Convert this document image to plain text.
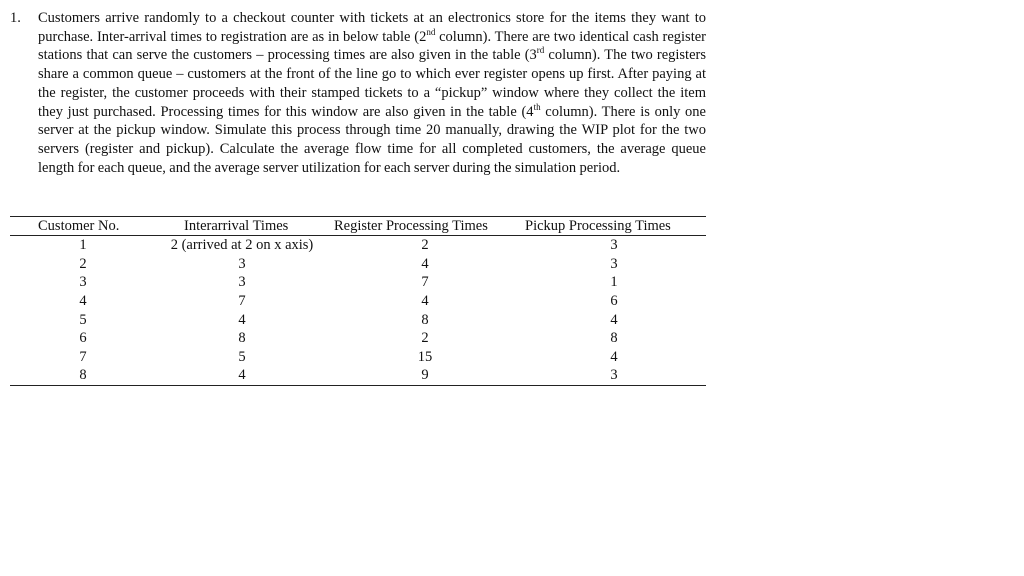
1. Customers arrive randomly to a checkout counter with tickets at an electronics store for the items they want to purchase. Inter-arrival times to registration are as in below table (2nd column). There are two identical cash register stations that can serve the customers – processing times are also given in the table (3rd column). The two registers share a common queue – customers at the front of the line go to which ever register opens up first. After paying at the register, the customer proceeds with their stamped tickets to a “pickup” window where they collect the item they just purchased. Processing times for this window are also given in the table (4th column). There is only one server at the pickup window. Simulate this process through time 20 manually, drawing the WIP plot for the two servers (register and pickup). Calculate the average flow time for all completed customers, the average queue length for each queue, and the average server utilization for each server during the simulation period.

Customer No.	Interarrival Times	Register Processing Times	Pickup Processing Times
1	2 (arrived at 2 on x axis)	2	3
2	3	4	3
3	3	7	1
4	7	4	6
5	4	8	4
6	8	2	8
7	5	15	4
8	4	9	3
